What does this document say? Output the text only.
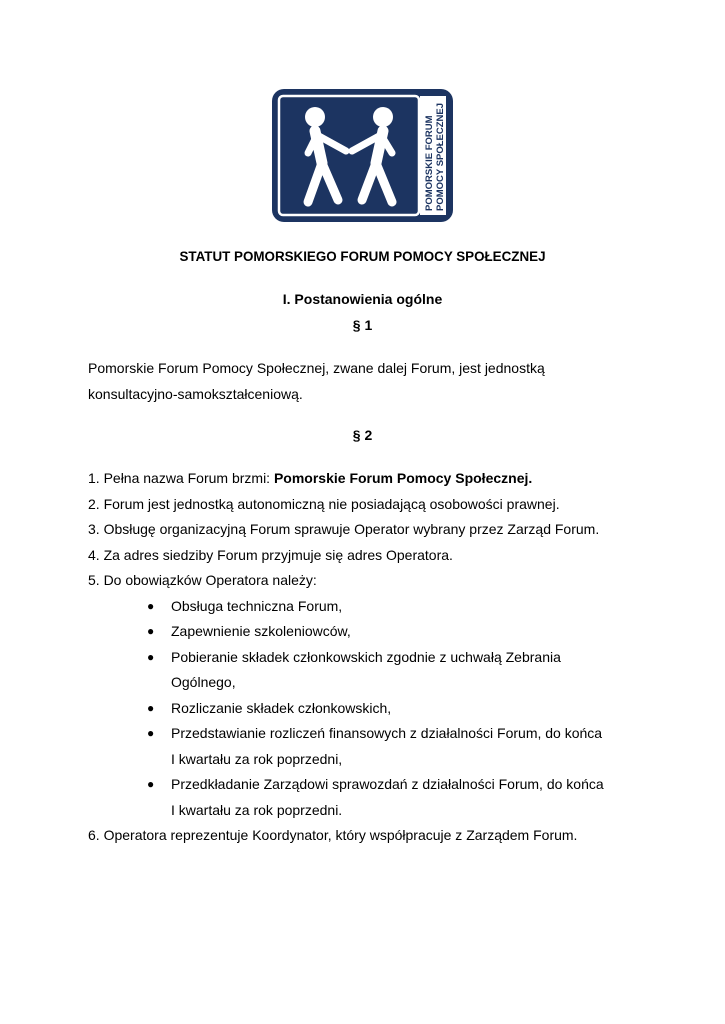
POMORSKIE FORUM POMOCY SPOŁECZNEJ
STATUT POMORSKIEGO FORUM POMOCY SPOŁECZNEJ
I. Postanowienia ogólne
§ 1
Pomorskie Forum Pomocy Społecznej, zwane dalej Forum, jest jednostką
konsultacyjno-samokształceniową.
§ 2
1. Pełna nazwa Forum brzmi: Pomorskie Forum Pomocy Społecznej.
2. Forum jest jednostką autonomiczną nie posiadającą osobowości prawnej.
3. Obsługę organizacyjną Forum sprawuje Operator wybrany przez Zarząd Forum.
4. Za adres siedziby Forum przyjmuje się adres Operatora.
5. Do obowiązków Operatora należy:
● Obsługa techniczna Forum,
● Zapewnienie szkoleniowców,
● Pobieranie składek członkowskich zgodnie z uchwałą Zebrania
Ogólnego,
● Rozliczanie składek członkowskich,
● Przedstawianie rozliczeń finansowych z działalności Forum, do końca
I kwartału za rok poprzedni,
● Przedkładanie Zarządowi sprawozdań z działalności Forum, do końca
I kwartału za rok poprzedni.
6. Operatora reprezentuje Koordynator, który współpracuje z Zarządem Forum.
